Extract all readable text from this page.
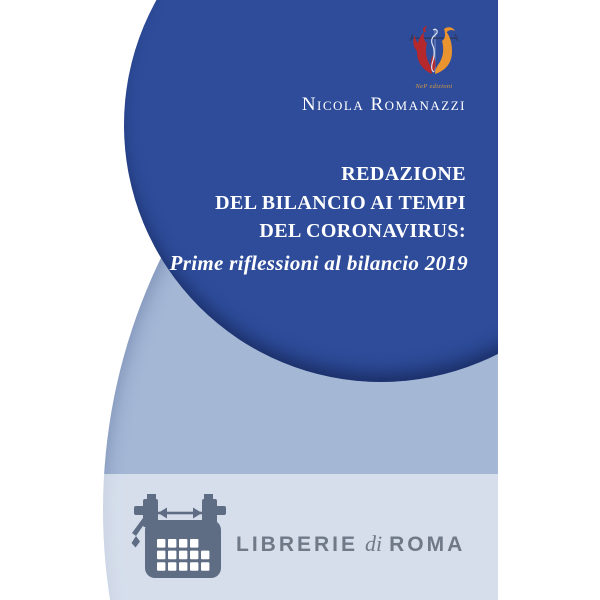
NeP edizioni
Nicola Romanazzi
REDAZIONE
DEL BILANCIO AI TEMPI
DEL CORONAVIRUS:
Prime riflessioni al bilancio 2019
LIBRERIE di ROMA
